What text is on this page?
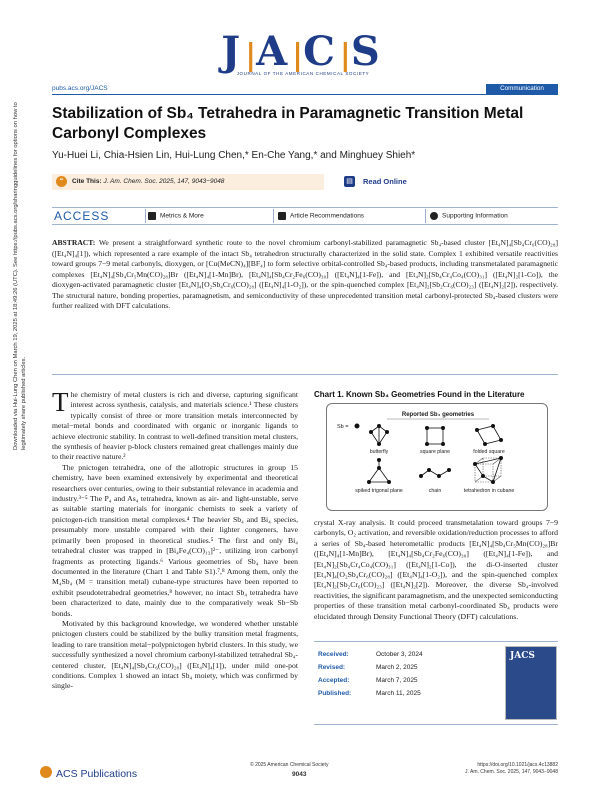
J|A|C|S
JOURNAL OF THE AMERICAN CHEMICAL SOCIETY
pubs.acs.org/JACS	Communication
Stabilization of Sb₄ Tetrahedra in Paramagnetic Transition Metal Carbonyl Complexes
Yu-Huei Li, Chia-Hsien Lin, Hui-Lung Chen,* En-Che Yang,* and Minghuey Shieh*
“	Cite This: J. Am. Chem. Soc. 2025, 147, 9043−9048	▤ Read Online
ACCESS	Metrics & More	Article Recommendations	Supporting Information
ABSTRACT: We present a straightforward synthetic route to the novel chromium carbonyl-stabilized paramagnetic Sb₄-based cluster [Et₄N]₄[Sb₄Cr₆(CO)₂₈] ([Et₄N]₄[1]), which represented a rare example of the intact Sb₄ tetrahedron structurally characterized in the solid state. Complex 1 exhibited versatile reactivities toward groups 7−9 metal carbonyls, dioxygen, or [Cu(MeCN)₄][BF₄] to form selective orbital-controlled Sb₄-based products, including transmetalated paramagnetic complexes [Et₄N]₄[Sb₄Cr₅Mn(CO)₂₈]Br ([Et₄N]₄[1-Mn]Br), [Et₄N]₄[Sb₄Cr₂Fe₆(CO)₃₀] ([Et₄N]₄[1-Fe]), and [Et₄N]₂[Sb₄Cr₄Co₄(CO)₃₁] ([Et₄N]₂[1-Co]), the dioxygen-activated paramagnetic cluster [Et₄N]₄[O₂Sb₄Cr₆(CO)₂₈] ([Et₄N]₄[1-O₂]), or the spin-quenched complex [Et₄N]₂[Sb₂Cr₆(CO)₂₃] ([Et₄N]₂[2]), respectively. The structural nature, bonding properties, paramagnetism, and semiconductivity of these unprecedented transition metal carbonyl-protected Sb₄-based clusters were further realized with DFT calculations.
Downloaded via Hui-Lung Chen on March 19, 2025 at 18:49:26 (UTC). See https://pubs.acs.org/sharingguidelines for options on how to legitimately share published articles. The chemistry of metal clusters is rich and diverse, capturing significant interest across synthesis, catalysis, and materials science.¹ These clusters typically consist of three or more transition metals interconnected by metal−metal bonds and coordinated with organic or inorganic ligands to achieve electronic stability. In contrast to well-defined transition metal clusters, the synthesis of heavier p-block clusters remained great challenges mainly due to their reactive nature.²

The pnictogen tetrahedra, one of the allotropic structures in group 15 chemistry, have been examined extensively by experimental and theoretical researchers over centuries, owing to their substantial relevance in academia and industry.³⁻⁵ The P₄ and As₄ tetrahedra, known as air- and light-unstable, serve as suitable starting materials for inorganic chemists to seek a variety of pnictogen-rich transition metal complexes.⁴ The heavier Sb₄ and Bi₄ species, presumably more unstable compared with their lighter congeners, have primarily been proposed in theoretical studies.⁵ The first and only Bi₄ tetrahedral cluster was trapped in [Bi₄Fe₄(CO)₁₃]²⁻, utilizing iron carbonyl fragments as protecting ligands.⁶ Various geometries of Sb₄ have been documented in the literature (Chart 1 and Table S1).⁷,⁸ Among them, only the M₄Sb₄ (M = transition metal) cubane-type structures have been reported to exhibit pseudotetrahedral geometries,⁸ however, no intact Sb₄ tetrahedra have been characterized to date, mainly due to the comparatively weak Sb−Sb bonds.

Motivated by this background knowledge, we wondered whether unstable pnictogen clusters could be stabilized by the bulky transition metal fragments, leading to rare transition metal−polypnictogen hybrid clusters. In this study, we successfully synthesized a novel chromium carbonyl-stabilized tetrahedral Sb₄-centered cluster, [Et₄N]₄[Sb₄Cr₆(CO)₂₈] ([Et₄N]₄[1]), under mild one-pot conditions. Complex 1 showed an intact Sb₄ moiety, which was confirmed by single-

Chart 1. Known Sb₄ Geometries Found in the Literature
Reported Sb₄ geometries
Sb =
butterfly	square plane	folded square
spiked trigonal plane	chain	tetrahedron in cubane

crystal X-ray analysis. It could proceed transmetalation toward groups 7−9 carbonyls, O₂ activation, and reversible oxidation/reduction processes to afford a series of Sb₄-based heterometallic products [Et₄N]₄[Sb₄Cr₅Mn(CO)₂₈]Br ([Et₄N]₄[1-Mn]Br), [Et₄N]₄[Sb₄Cr₂Fe₆(CO)₃₀] ([Et₄N]₄[1-Fe]), and [Et₄N]₂[Sb₄Cr₄Co₄(CO)₃₁] ([Et₄N]₂[1-Co]), the di-O-inserted cluster [Et₄N]₄[O₂Sb₄Cr₆(CO)₂₈] ([Et₄N]₄[1-O₂]), and the spin-quenched complex [Et₄N]₂[Sb₂Cr₆(CO)₂₃] ([Et₄N]₂[2]). Moreover, the diverse Sb₄-involved reactivities, the significant paramagnetism, and the unexpected semiconducting properties of these transition metal carbonyl-coordinated Sb₄ products were elucidated through Density Functional Theory (DFT) calculations.

Received:	October 3, 2024
Revised:	March 2, 2025
Accepted:	March 7, 2025
Published:	March 11, 2025
JACS
ACS Publications
© 2025 American Chemical Society
9043
https://doi.org/10.1021/jacs.4c13882
J. Am. Chem. Soc. 2025, 147, 9043−9048
